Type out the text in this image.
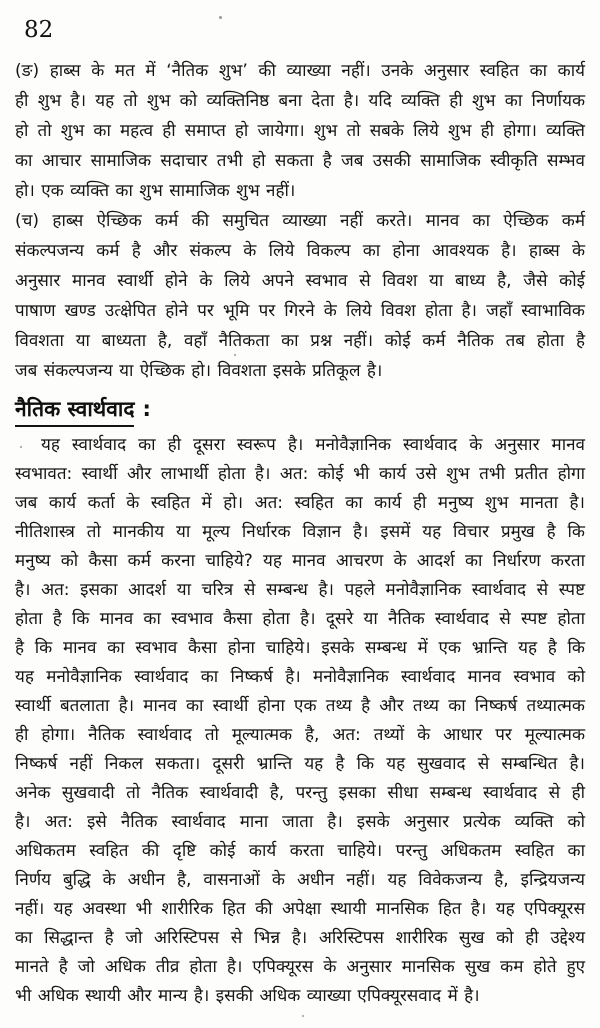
82
(ङ) हाब्स के मत में ‘नैतिक शुभ’ की व्याख्या नहीं। उनके अनुसार स्वहित का कार्य
ही शुभ है। यह तो शुभ को व्यक्तिनिष्ठ बना देता है। यदि व्यक्ति ही शुभ का निर्णायक
हो तो शुभ का महत्व ही समाप्त हो जायेगा। शुभ तो सबके लिये शुभ ही होगा। व्यक्ति
का आचार सामाजिक सदाचार तभी हो सकता है जब उसकी सामाजिक स्वीकृति सम्भव
हो। एक व्यक्ति का शुभ सामाजिक शुभ नहीं।
(च) हाब्स ऐच्छिक कर्म की समुचित व्याख्या नहीं करते। मानव का ऐच्छिक कर्म
संकल्पजन्य कर्म है और संकल्प के लिये विकल्प का होना आवश्यक है। हाब्स के
अनुसार मानव स्वार्थी होने के लिये अपने स्वभाव से विवश या बाध्य है, जैसे कोई
पाषाण खण्ड उत्क्षेपित होने पर भूमि पर गिरने के लिये विवश होता है। जहाँ स्वाभाविक
विवशता या बाध्यता है, वहाँ नैतिकता का प्रश्न नहीं। कोई कर्म नैतिक तब होता है
जब संकल्पजन्य या ऐच्छिक हो। विवशता इसके प्रतिकूल है।
नैतिक स्वार्थवाद :
यह स्वार्थवाद का ही दूसरा स्वरूप है। मनोवैज्ञानिक स्वार्थवाद के अनुसार मानव
स्वभावत: स्वार्थी और लाभार्थी होता है। अत: कोई भी कार्य उसे शुभ तभी प्रतीत होगा
जब कार्य कर्ता के स्वहित में हो। अत: स्वहित का कार्य ही मनुष्य शुभ मानता है।
नीतिशास्त्र तो मानकीय या मूल्य निर्धारक विज्ञान है। इसमें यह विचार प्रमुख है कि
मनुष्य को कैसा कर्म करना चाहिये? यह मानव आचरण के आदर्श का निर्धारण करता
है। अत: इसका आदर्श या चरित्र से सम्बन्ध है। पहले मनोवैज्ञानिक स्वार्थवाद से स्पष्ट
होता है कि मानव का स्वभाव कैसा होता है। दूसरे या नैतिक स्वार्थवाद से स्पष्ट होता
है कि मानव का स्वभाव कैसा होना चाहिये। इसके सम्बन्ध में एक भ्रान्ति यह है कि
यह मनोवैज्ञानिक स्वार्थवाद का निष्कर्ष है। मनोवैज्ञानिक स्वार्थवाद मानव स्वभाव को
स्वार्थी बतलाता है। मानव का स्वार्थी होना एक तथ्य है और तथ्य का निष्कर्ष तथ्यात्मक
ही होगा। नैतिक स्वार्थवाद तो मूल्यात्मक है, अत: तथ्यों के आधार पर मूल्यात्मक
निष्कर्ष नहीं निकल सकता। दूसरी भ्रान्ति यह है कि यह सुखवाद से सम्बन्धित है।
अनेक सुखवादी तो नैतिक स्वार्थवादी है, परन्तु इसका सीधा सम्बन्ध स्वार्थवाद से ही
है। अत: इसे नैतिक स्वार्थवाद माना जाता है। इसके अनुसार प्रत्येक व्यक्ति को
अधिकतम स्वहित की दृष्टि कोई कार्य करता चाहिये। परन्तु अधिकतम स्वहित का
निर्णय बुद्धि के अधीन है, वासनाओं के अधीन नहीं। यह विवेकजन्य है, इन्द्रियजन्य
नहीं। यह अवस्था भी शारीरिक हित की अपेक्षा स्थायी मानसिक हित है। यह एपिक्यूरस
का सिद्धान्त है जो अरिस्टिपस से भिन्न है। अरिस्टिपस शारीरिक सुख को ही उद्देश्य
मानते है जो अधिक तीव्र होता है। एपिक्यूरस के अनुसार मानसिक सुख कम होते हुए
भी अधिक स्थायी और मान्य है। इसकी अधिक व्याख्या एपिक्यूरसवाद में है।
